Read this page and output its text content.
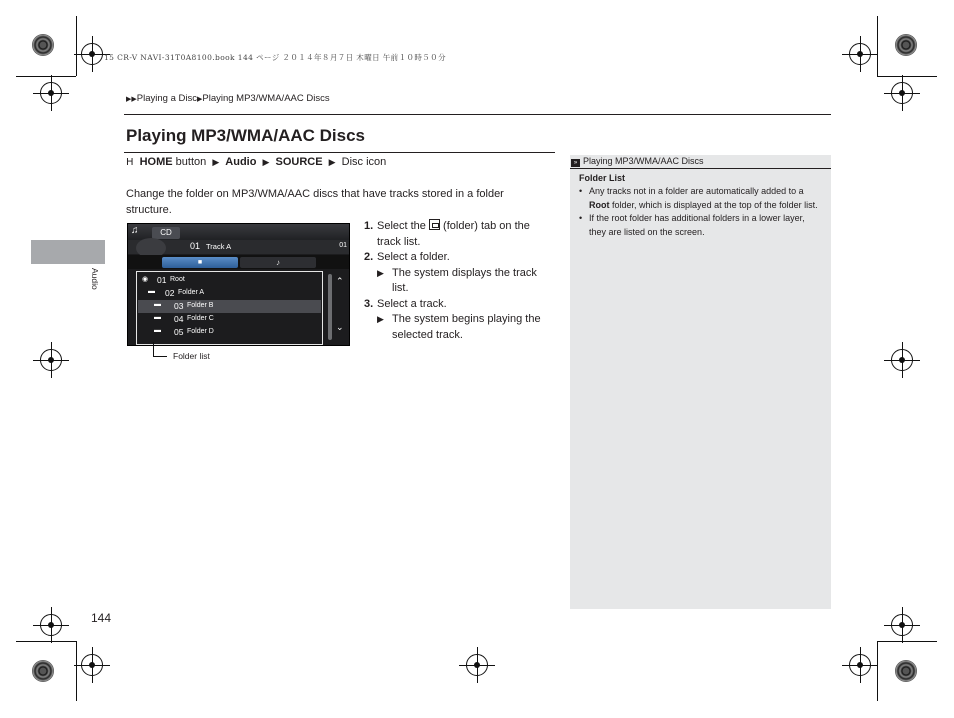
15 CR-V NAVI-31T0A8100.book 144 ページ ２０１４年８月７日 木曜日 午前１０時５０分
▶▶Playing a Disc▶Playing MP3/WMA/AAC Discs
Audio
Playing MP3/WMA/AAC Discs
H HOME button ▶ Audio ▶ SOURCE ▶ Disc icon
Change the folder on MP3/WMA/AAC discs that have tracks stored in a folder structure.
♫	CD
01 Track A	01
■	♪
◉ 01 Root
▬ 02 Folder A
▬ 03 Folder B
▬ 04 Folder C
▬ 05 Folder D
⌃
⌄
Folder list
1. Select the (folder) tab on the track list.
2. Select a folder.
▶ The system displays the track list.
3. Select a track.
▶ The system begins playing the selected track.
» Playing MP3/WMA/AAC Discs
Folder List
• Any tracks not in a folder are automatically added to a Root folder, which is displayed at the top of the folder list.
• If the root folder has additional folders in a lower layer, they are listed on the screen.
144
